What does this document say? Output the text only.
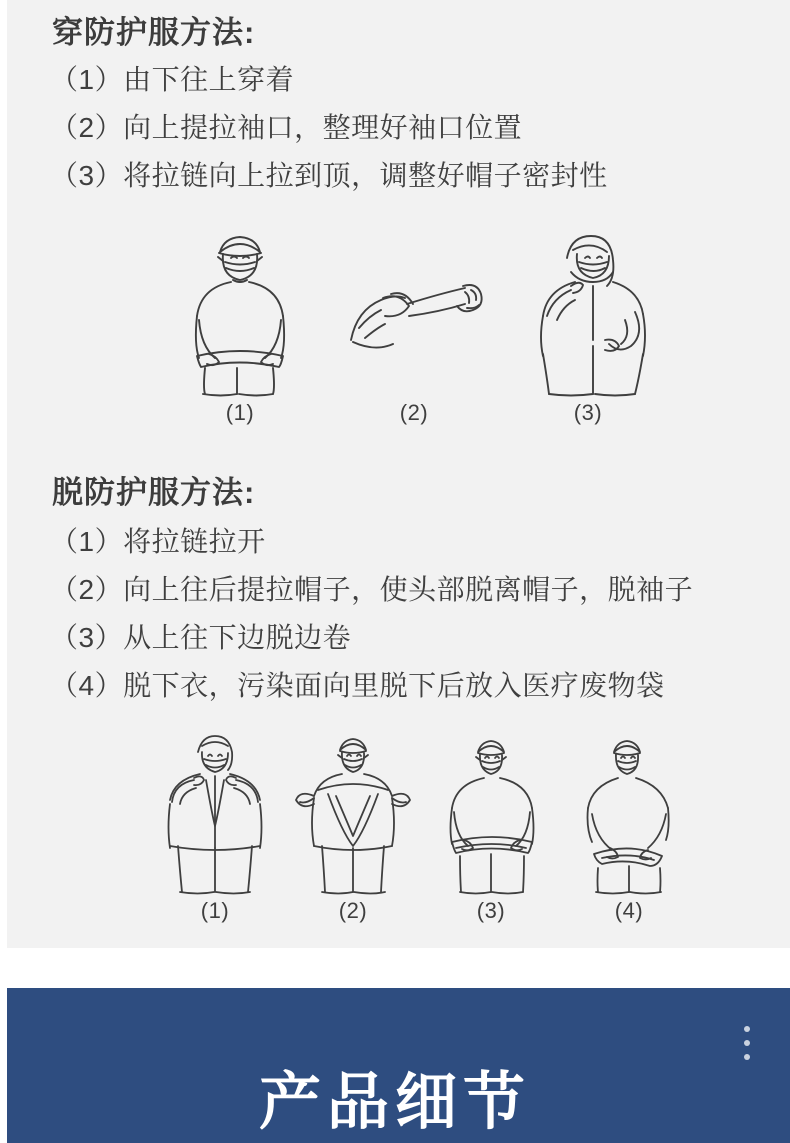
穿防护服方法:
（1）由下往上穿着
（2）向上提拉袖口，整理好袖口位置
（3）将拉链向上拉到顶，调整好帽子密封性
(1)	(2)	(3)
脱防护服方法:
（1）将拉链拉开
（2）向上往后提拉帽子，使头部脱离帽子，脱袖子
（3）从上往下边脱边卷
（4）脱下衣，污染面向里脱下后放入医疗废物袋
(1)	(2)	(3)	(4)
产品细节
